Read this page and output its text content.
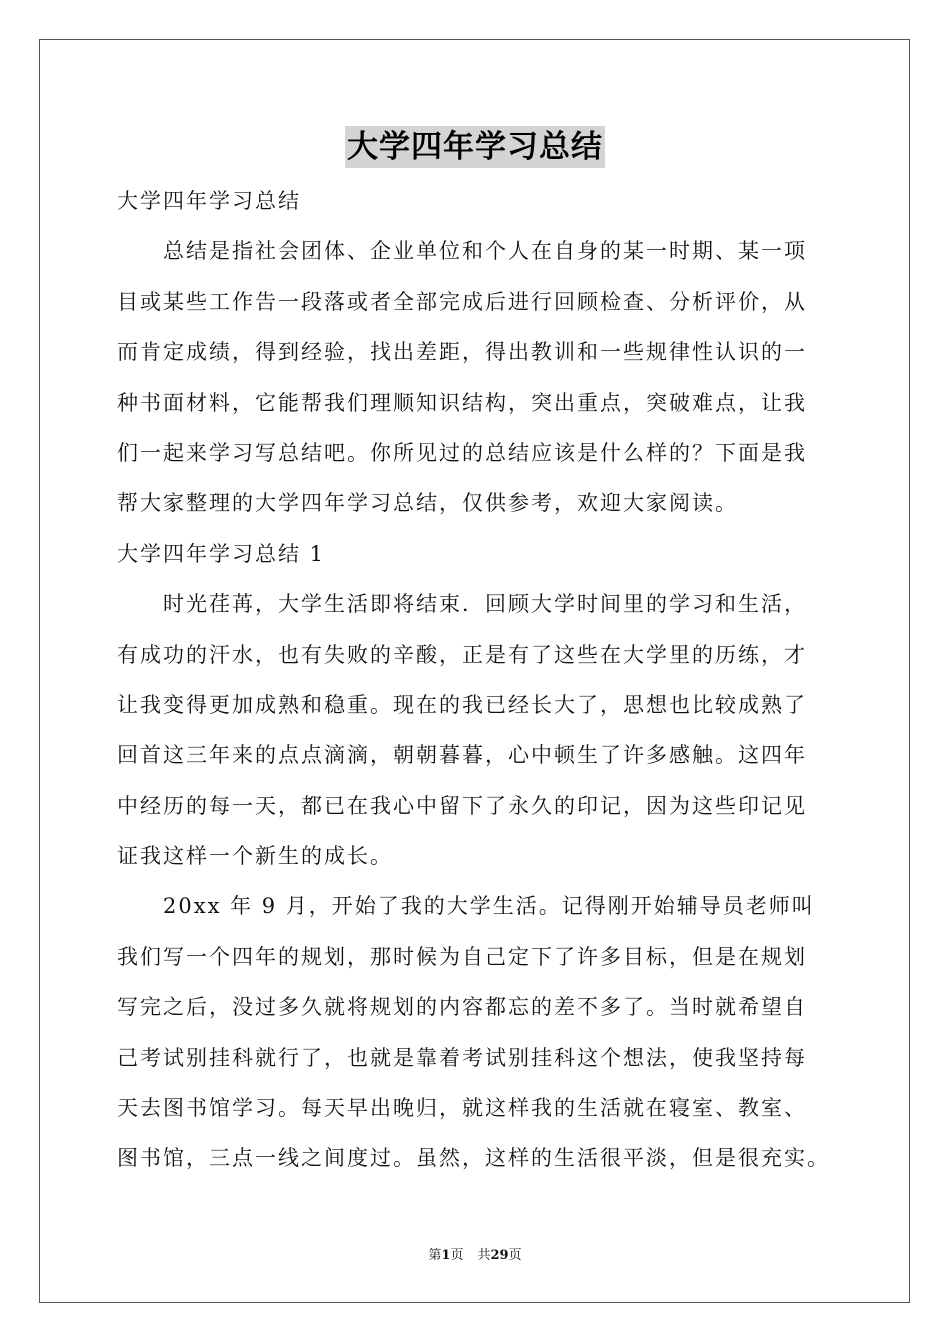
大学四年学习总结
大学四年学习总结
总结是指社会团体、企业单位和个人在自身的某一时期、某一项
目或某些工作告一段落或者全部完成后进行回顾检查、分析评价，从
而肯定成绩，得到经验，找出差距，得出教训和一些规律性认识的一
种书面材料，它能帮我们理顺知识结构，突出重点，突破难点，让我
们一起来学习写总结吧。你所见过的总结应该是什么样的？下面是我
帮大家整理的大学四年学习总结，仅供参考，欢迎大家阅读。
大学四年学习总结 1
时光荏苒，大学生活即将结束．回顾大学时间里的学习和生活，
有成功的汗水，也有失败的辛酸，正是有了这些在大学里的历练，才
让我变得更加成熟和稳重。现在的我已经长大了，思想也比较成熟了
回首这三年来的点点滴滴，朝朝暮暮，心中顿生了许多感触。这四年
中经历的每一天，都已在我心中留下了永久的印记，因为这些印记见
证我这样一个新生的成长。
20xx 年 9 月，开始了我的大学生活。记得刚开始辅导员老师叫
我们写一个四年的规划，那时候为自己定下了许多目标，但是在规划
写完之后，没过多久就将规划的内容都忘的差不多了。当时就希望自
己考试别挂科就行了，也就是靠着考试别挂科这个想法，使我坚持每
天去图书馆学习。每天早出晚归，就这样我的生活就在寝室、教室、
图书馆，三点一线之间度过。虽然，这样的生活很平淡，但是很充实。
第1页 共29页
